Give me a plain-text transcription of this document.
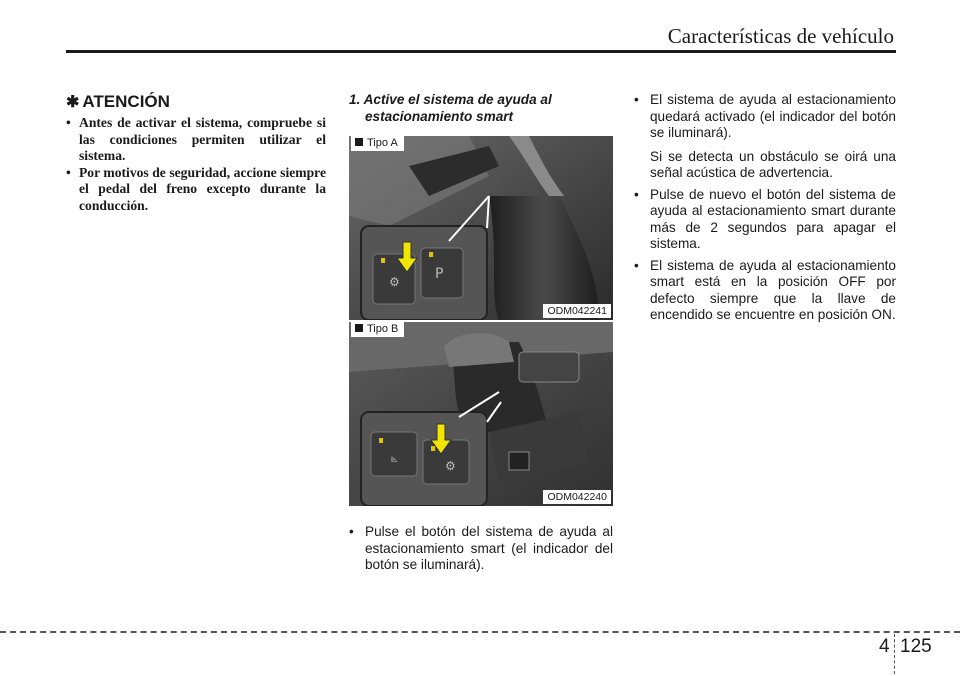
Características de vehículo
✱ ATENCIÓN
• Antes de activar el sistema, compruebe si las condiciones permiten utilizar el sistema.
• Por motivos de seguridad, accione siempre el pedal del freno excepto durante la conducción.
1. Active el sistema de ayuda al estacionamiento smart
⚙	P
Tipo A
ODM042241
⦝
⚙
Tipo B
ODM042240
• Pulse el botón del sistema de ayuda al estacionamiento smart (el indicador del botón se iluminará).
• El sistema de ayuda al estacionamiento quedará activado (el indicador del botón se iluminará).

Si se detecta un obstáculo se oirá una señal acústica de advertencia.

• Pulse de nuevo el botón del sistema de ayuda al estacionamiento smart durante más de 2 segundos para apagar el sistema.
• El sistema de ayuda al estacionamiento smart está en la posición OFF por defecto siempre que la llave de encendido se encuentre en posición ON.
4 125
